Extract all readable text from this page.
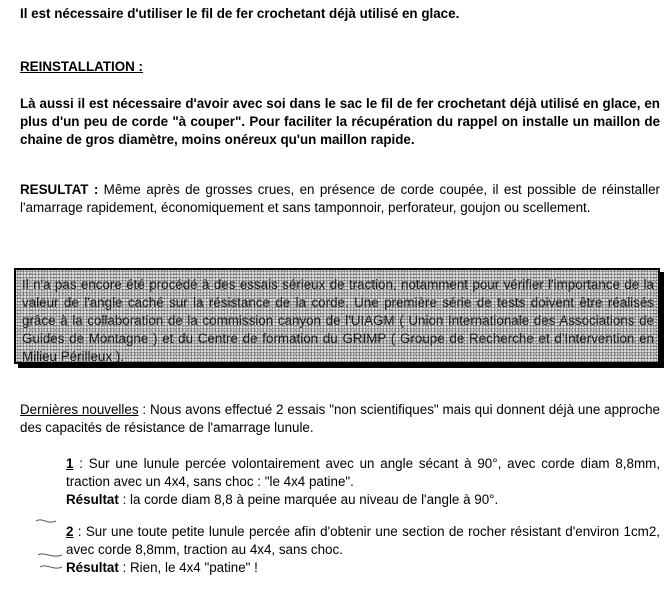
Il est nécessaire d'utiliser le fil de fer crochetant déjà utilisé en glace.

REINSTALLATION :

Là aussi il est nécessaire d'avoir avec soi dans le sac le fil de fer crochetant déjà utilisé en glace, en plus d'un peu de corde "à couper". Pour faciliter la récupération du rappel on installe un maillon de chaine de gros diamètre, moins onéreux qu'un maillon rapide.

RESULTAT : Même après de grosses crues, en présence de corde coupée, il est possible de réinstaller l'amarrage rapidement, économiquement et sans tamponnoir, perforateur, goujon ou scellement.

Il n'a pas encore été procédé à des essais sérieux de traction, notamment pour vérifier l'importance de la valeur de l'angle caché sur la résistance de la corde. Une première série de tests doivent être réalisés grâce à la collaboration de la commission canyon de l'UIAGM ( Union Internationale des Associations de Guides de Montagne ) et du Centre de formation du GRIMP ( Groupe de Recherche et d'Intervention en Milieu Périlleux ).

Dernières nouvelles : Nous avons effectué 2 essais "non scientifiques" mais qui donnent déjà une approche des capacités de résistance de l'amarrage lunule.

1 : Sur une lunule percée volontairement avec un angle sécant à 90°, avec corde diam 8,8mm, traction avec un 4x4, sans choc : "le 4x4 patine".
Résultat : la corde diam 8,8 à peine marquée au niveau de l'angle à 90°.

2 : Sur une toute petite lunule percée afin d'obtenir une section de rocher résistant d'environ 1cm2, avec corde 8,8mm, traction au 4x4, sans choc.
Résultat : Rien, le 4x4 "patine" !
